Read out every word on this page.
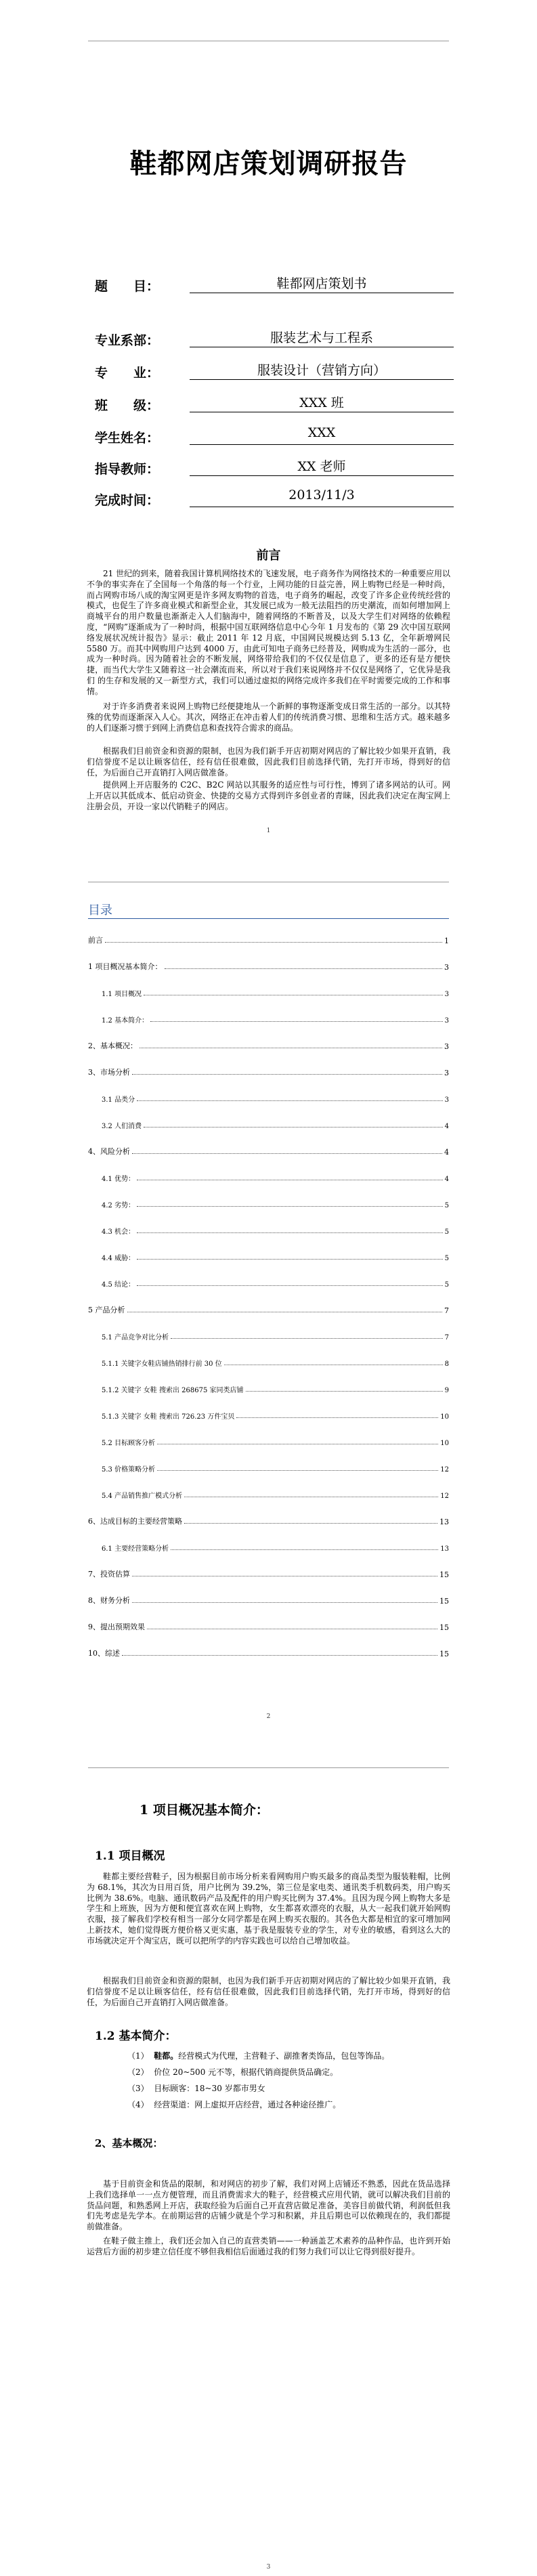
鞋都网店策划调研报告
题　　目：	鞋都网店策划书
专业系部：	服装艺术与工程系
专　　业：	服装设计（营销方向）
班　　级：	XXX 班
学生姓名：	XXX
指导教师：	XX 老师
完成时间：	2013/11/3
前言

21 世纪的到来，随着我国计算机网络技术的飞速发展，电子商务作为网络技术的一种重要应用以不争的事实奔在了全国每一个角落的每一个行业，上网功能的日益完善，网上购物已经是一种时尚，而占网购市场八成的淘宝网更是许多网友购物的首选，电子商务的崛起，改变了许多企业传统经营的模式，也促生了许多商业模式和新型企业，其发展已成为一般无法阻挡的历史潮流，而如何增加网上商城平台的用户数量也渐渐走入人们脑海中，随着网络的不断普及，以及大学生们对网络的依赖程度，“网购”逐渐成为了一种时尚，根据中国互联网络信息中心今年 1 月发布的《第 29 次中国互联网络发展状况统计报告》显示：截止 2011 年 12 月底，中国网民规模达到 5.13 亿，全年新增网民 5580 万。而其中网购用户达到 4000 万，由此可知电子商务已经普及，网购成为生活的一部分，也成为一种时尚。因为随着社会的不断发展，网络带给我们的不仅仅是信息了，更多的还有是方便快捷，而当代大学生又随着这一社会潮流而来，所以对于我们来说网络并不仅仅是网络了，它优异是我们 的生存和发展的又一新型方式，我们可以通过虚拟的网络完成许多我们在平时需要完成的工作和事情。

对于许多消费者来说网上购物已经便捷地从一个新鲜的事物逐渐变成日常生活的一部分。以其特殊的优势而逐渐深入人心。其次，网络正在冲击着人们的传统消费习惯、思维和生活方式。越来越多的人们逐渐习惯于到网上消费信息和查找符合需求的商品。

根据我们目前资金和资源的限制，也因为我们新手开店初期对网店的了解比较少如果开直销，我们信誉度不足以让顾客信任，经有信任很难做，因此我们目前选择代销，先打开市场，得到好的信任，为后面自己开直销打入网店做准备。

提供网上开店服务的 C2C、B2C 网站以其服务的适应性与可行性，博到了诸多网站的认可。网上开店以其低成本、低启动资金、快捷的交易方式得到许多创业者的青睐，因此我们决定在淘宝网上注册会员，开设一家以代销鞋子的网店。

1
目录
前言	1
1 项目概况基本简介：	3
1.1 项目概况	3
1.2 基本简介：	3
2、基本概况：	3
3、市场分析	3
3.1 品类分	3
3.2 人们消费	4
4、风险分析	4
4.1 优势：	4
4.2 劣势：	5
4.3 机会：	5
4.4 威胁：	5
4.5 结论：	5
5 产品分析	7
5.1 产品竞争对比分析	7
5.1.1 关键字女鞋店铺热销排行前 30 位	8
5.1.2 关键字 女鞋 搜索出 268675 家同类店铺	9
5.1.3 关键字 女鞋 搜索出 726.23 万件宝贝	10
5.2 目标顾客分析	10
5.3 价格策略分析	12
5.4 产品销售推广模式分析	12
6、达成目标的主要经营策略	13
6.1 主要经营策略分析	13
7、投资估算	15
8、财务分析	15
9、提出预期效果	15
10、综述	15
2
1 项目概况基本简介：
1.1 项目概况

鞋都主要经营鞋子，因为根据目前市场分析来看网购用户购买最多的商品类型为服装鞋帽，比例为 68.1%，其次为日用百货，用户比例为 39.2%，第三位是家电类、通讯类手机数码类，用户购买比例为 38.6%。电脑、通讯数码产品及配件的用户购买比例为 37.4%。且因为现今网上购物大多是学生和上班族，因为方便和便宜喜欢在网上购物，女生都喜欢漂亮的衣服，从大一起我们就开始网购衣服，接了解我们学校有相当一部分女同学都是在网上购买衣服的。其各色大都是相宜的家可增加网上新技术，她们觉得既方便价格又更实惠，基于我是服装专业的学生，对专业的敏感，看到这么大的市场就决定开个淘宝店，既可以把所学的内容实践也可以给自己增加收益。

根据我们目前资金和资源的限制，也因为我们新手开店初期对网店的了解比较少如果开直销，我们信誉度不足以让顾客信任，经有信任很难做，因此我们目前选择代销，先打开市场，得到好的信任，为后面自己开直销打入网店做准备。

1.2 基本简介：
（1） 鞋都。经营模式为代理，主营鞋子、副推奢类饰品，包包等饰品。
（2） 价位 20~500 元不等，根据代销商提供货品确定。
（3） 目标顾客：18~30 岁都市男女
（4） 经营渠道：网上虚拟开店经营，通过各种途径推广。
2、基本概况：

基于目前资金和货品的限制，和对网店的初步了解，我们对网上店铺还不熟悉，因此在货品选择上我们选择单一一点方便管理，而且消费需求大的鞋子，经营模式应用代销，就可以解决我们目前的货品问题，和熟悉网上开店，获取经验为后面自己开直营店做足准备，美容目前做代销，利润低但我们先考虑是先学本。在前期运营的店铺少就是个学习和积累，并且后期也可以依赖现在的，我们都提前做准备。

在鞋子做主推上，我们还会加入自己的直营类销——一种涵盖艺术素养的品种作品，也许到开始运营后方面的初步建立信任度不够但我相信后面通过我的们努力我们可以让它得到很好提升。

3
